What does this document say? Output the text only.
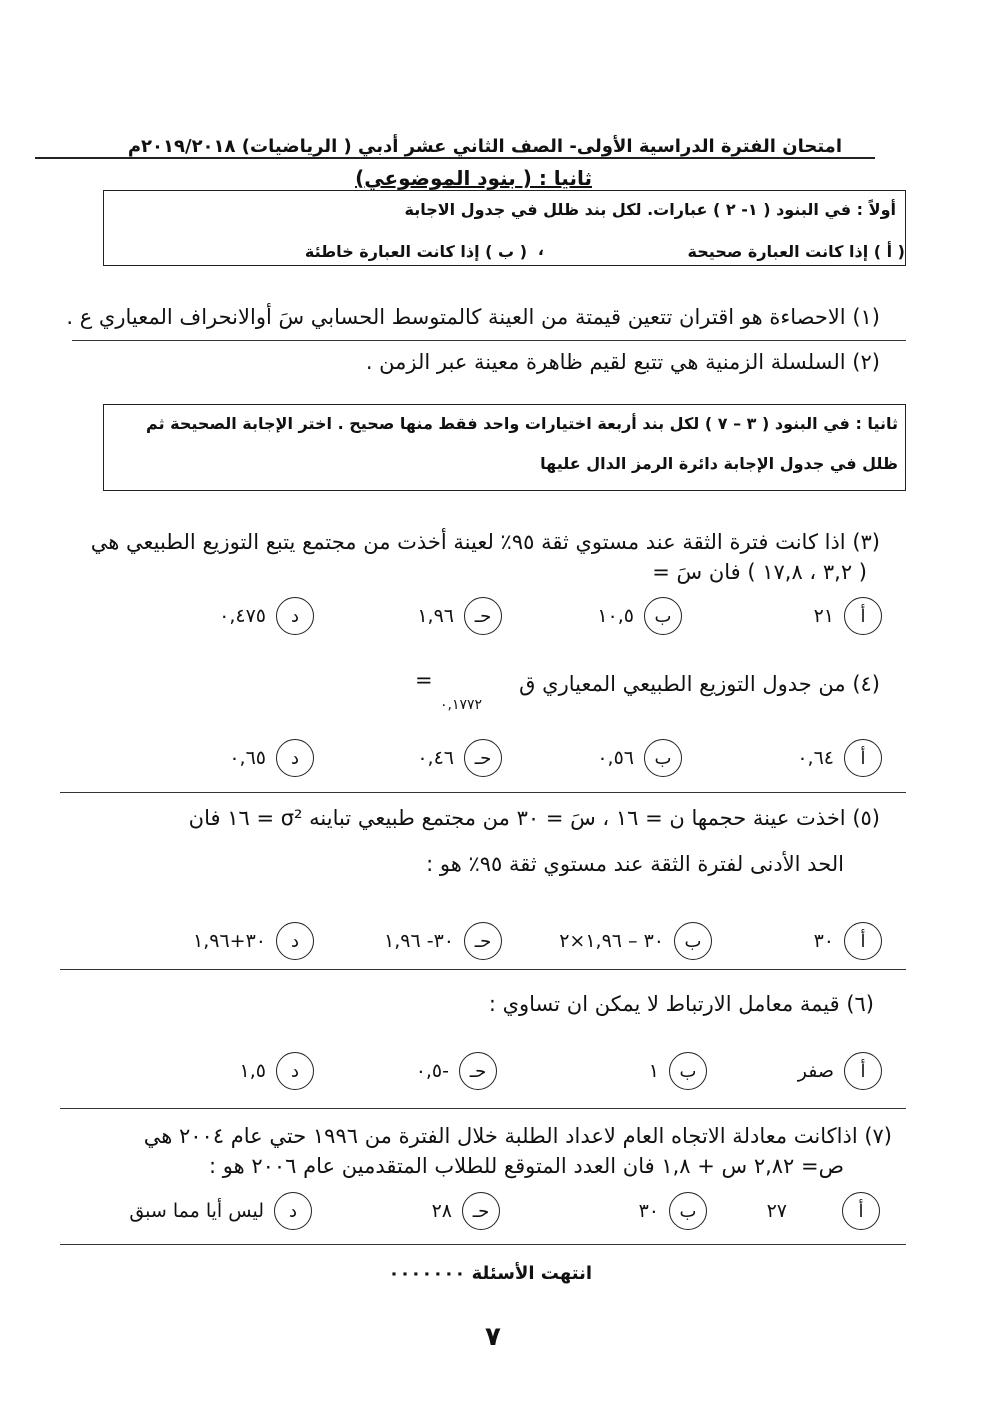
امتحان الفترة الدراسية الأولى- الصف الثاني عشر أدبي ( الرياضيات) ٢٠١٩/٢٠١٨م
ثانيا : ( بنود الموضوعي)
أولاً : في البنود ( ١- ٢ ) عبارات. لكل بند ظلل في جدول الاجابة
( أ ) إذا كانت العبارة صحيحة
،
( ب ) إذا كانت العبارة خاطئة
(١) الاحصاءة هو اقتران تتعين قيمتة من العينة كالمتوسط الحسابي سَ أوالانحراف المعياري ع .
(٢) السلسلة الزمنية هي تتبع لقيم ظاهرة معينة عبر الزمن .
ثانيا : في البنود ( ٣ – ٧ ) لكل بند أربعة اختيارات واحد فقط منها صحيح . اختر الإجابة الصحيحة ثم
ظلل في جدول الإجابة دائرة الرمز الدال عليها
(٣) اذا كانت فترة الثقة عند مستوي ثقة ٩٥٪ لعينة أخذت من مجتمع يتبع التوزيع الطبيعي هي
( ٣,٢ ، ١٧,٨ ) فان سَ =
أ
٢١
ب
١٠,٥
حـ
١,٩٦
د
٠,٤٧٥
(٤) من جدول التوزيع الطبيعي المعياري ق
٠,١٧٧٢
=
أ
٠,٦٤
ب
٠,٥٦
حـ
٠,٤٦
د
٠,٦٥
(٥) اخذت عينة حجمها ن = ١٦ ، سَ = ٣٠ من مجتمع طبيعي تباينه σ² = ١٦ فان
الحد الأدنى لفترة الثقة عند مستوي ثقة ٩٥٪ هو :
أ
٣٠
ب
٣٠ – ١,٩٦×٢
حـ
٣٠- ١,٩٦
د
٣٠+١,٩٦
(٦) قيمة معامل الارتباط لا يمكن ان تساوي :
أ
صفر
ب
١
حـ
-٠,٥
د
١,٥
(٧) اذاكانت معادلة الاتجاه العام لاعداد الطلبة خلال الفترة من ١٩٩٦ حتي عام ٢٠٠٤ هي
ص= ٢,٨٢ س + ١,٨ فان العدد المتوقع للطلاب المتقدمين عام ٢٠٠٦ هو :
أ
٢٧
ب
٣٠
حـ
٢٨
د
ليس أيا مما سبق
انتهت الأسئلة ٠٠٠٠٠٠٠
٧
